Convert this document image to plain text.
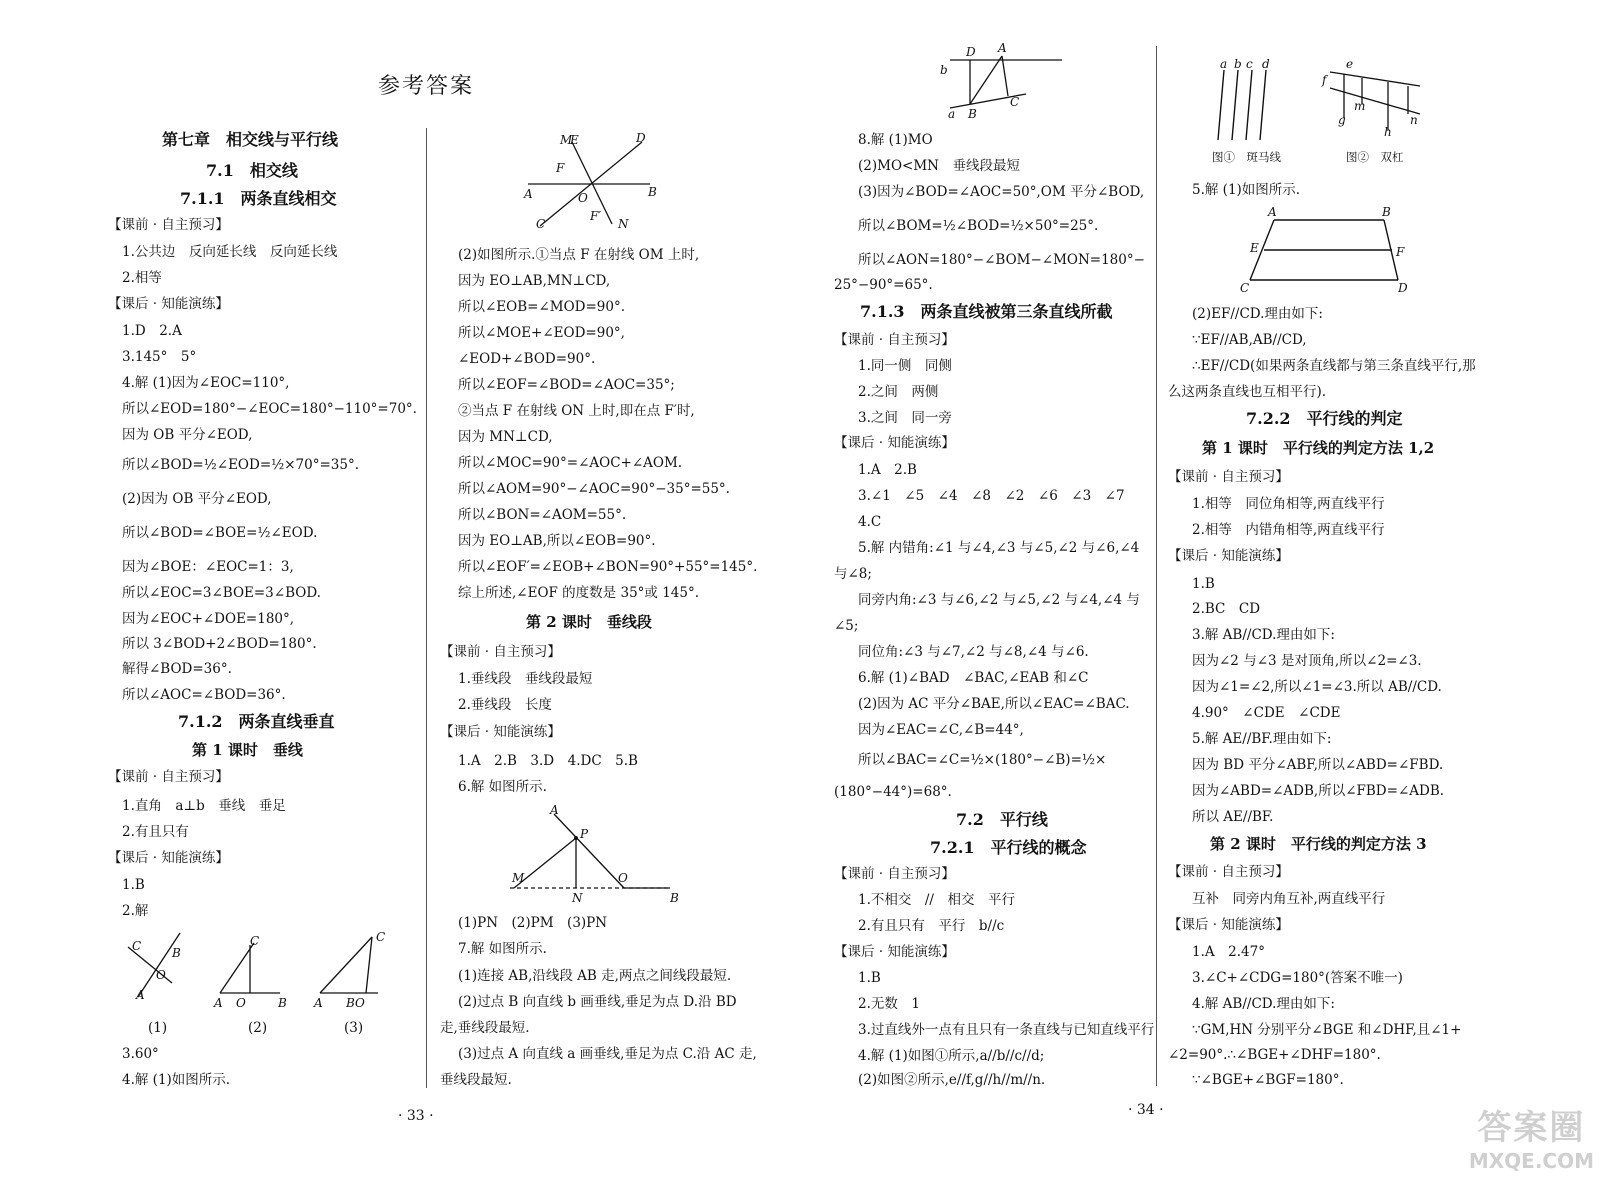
参考答案
第七章　相交线与平行线
7.1　相交线
7.1.1　两条直线相交
【课前 · 自主预习】
1.公共边　反向延长线　反向延长线
2.相等
【课后 · 知能演练】
1.D　2.A
3.145°　5°
4.解 (1)因为∠EOC=110°,
所以∠EOD=180°−∠EOC=180°−110°=70°.
因为 OB 平分∠EOD,
所以∠BOD=½∠EOD=½×70°=35°.
(2)因为 OB 平分∠EOD,
所以∠BOD=∠BOE=½∠EOD.
因为∠BOE：∠EOC=1：3,
所以∠EOC=3∠BOE=3∠BOD.
因为∠EOC+∠DOE=180°,
所以 3∠BOD+2∠BOD=180°.
解得∠BOD=36°.
所以∠AOC=∠BOD=36°.
7.1.2　两条直线垂直
第 1 课时　垂线
【课前 · 自主预习】
1.直角　a⊥b　垂线　垂足
2.有且只有
【课后 · 知能演练】
1.B
2.解
C	B
A
O
A O	B
C
A BO
C
(1)	(2)	(3)
3.60°
4.解 (1)如图所示.
M
E	D
F
A	B
O
F′
N
C
(2)如图所示.①当点 F 在射线 OM 上时,
因为 EO⊥AB,MN⊥CD,
所以∠EOB=∠MOD=90°.
所以∠MOE+∠EOD=90°,
∠EOD+∠BOD=90°.
所以∠EOF=∠BOD=∠AOC=35°;
②当点 F 在射线 ON 上时,即在点 F′时,
因为 MN⊥CD,
所以∠MOC=90°=∠AOC+∠AOM.
所以∠AOM=90°−∠AOC=90°−35°=55°.
所以∠BON=∠AOM=55°.
因为 EO⊥AB,所以∠EOB=90°.
所以∠EOF′=∠EOB+∠BON=90°+55°=145°.
综上所述,∠EOF 的度数是 35°或 145°.
第 2 课时　垂线段
【课前 · 自主预习】
1.垂线段　垂线段最短
2.垂线段　长度
【课后 · 知能演练】
1.A　2.B　3.D　4.DC　5.B
6.解 如图所示.
A
P
M
N
O
B
(1)PN　(2)PM　(3)PN
7.解 如图所示.
(1)连接 AB,沿线段 AB 走,两点之间线段最短.
(2)过点 B 向直线 b 画垂线,垂足为点 D.沿 BD
走,垂线段最短.
(3)过点 A 向直线 a 画垂线,垂足为点 C.沿 AC 走,
垂线段最短.
· 33 ·
D A
b
a B
C
8.解 (1)MO
(2)MO<MN　垂线段最短
(3)因为∠BOD=∠AOC=50°,OM 平分∠BOD,
所以∠BOM=½∠BOD=½×50°=25°.
所以∠AON=180°−∠BOM−∠MON=180°−
25°−90°=65°.
7.1.3　两条直线被第三条直线所截
【课前 · 自主预习】
1.同一侧　同侧
2.之间　两侧
3.之间　同一旁
【课后 · 知能演练】
1.A　2.B
3.∠1　∠5　∠4　∠8　∠2　∠6　∠3　∠7
4.C
5.解 内错角:∠1 与∠4,∠3 与∠5,∠2 与∠6,∠4
与∠8;
同旁内角:∠3 与∠6,∠2 与∠5,∠2 与∠4,∠4 与
∠5;
同位角:∠3 与∠7,∠2 与∠8,∠4 与∠6.
6.解 (1)∠BAD　∠BAC,∠EAB 和∠C
(2)因为 AC 平分∠BAE,所以∠EAC=∠BAC.
因为∠EAC=∠C,∠B=44°,
所以∠BAC=∠C=½×(180°−∠B)=½×
(180°−44°)=68°.
7.2　平行线
7.2.1　平行线的概念
【课前 · 自主预习】
1.不相交　//　相交　平行
2.有且只有　平行　b//c
【课后 · 知能演练】
1.B
2.无数　1
3.过直线外一点有且只有一条直线与已知直线平行
4.解 (1)如图①所示,a//b//c//d;
(2)如图②所示,e//f,g//h//m//n.
a b c d	e
f
g
m
h
n
图①　斑马线	图②　双杠
5.解 (1)如图所示.
A	B
E	F
C	D
(2)EF//CD.理由如下:
∵EF//AB,AB//CD,
∴EF//CD(如果两条直线都与第三条直线平行,那
么这两条直线也互相平行).
7.2.2　平行线的判定
第 1 课时　平行线的判定方法 1,2
【课前 · 自主预习】
1.相等　同位角相等,两直线平行
2.相等　内错角相等,两直线平行
【课后 · 知能演练】
1.B
2.BC　CD
3.解 AB//CD.理由如下:
因为∠2 与∠3 是对顶角,所以∠2=∠3.
因为∠1=∠2,所以∠1=∠3.所以 AB//CD.
4.90°　∠CDE　∠CDE
5.解 AE//BF.理由如下:
因为 BD 平分∠ABF,所以∠ABD=∠FBD.
因为∠ABD=∠ADB,所以∠FBD=∠ADB.
所以 AE//BF.
第 2 课时　平行线的判定方法 3
【课前 · 自主预习】
互补　同旁内角互补,两直线平行
【课后 · 知能演练】
1.A　2.47°
3.∠C+∠CDG=180°(答案不唯一)
4.解 AB//CD.理由如下:
∵GM,HN 分别平分∠BGE 和∠DHF,且∠1+
∠2=90°.∴∠BGE+∠DHF=180°.
∵∠BGE+∠BGF=180°.
· 34 ·	答案圈
MXQE.COM
